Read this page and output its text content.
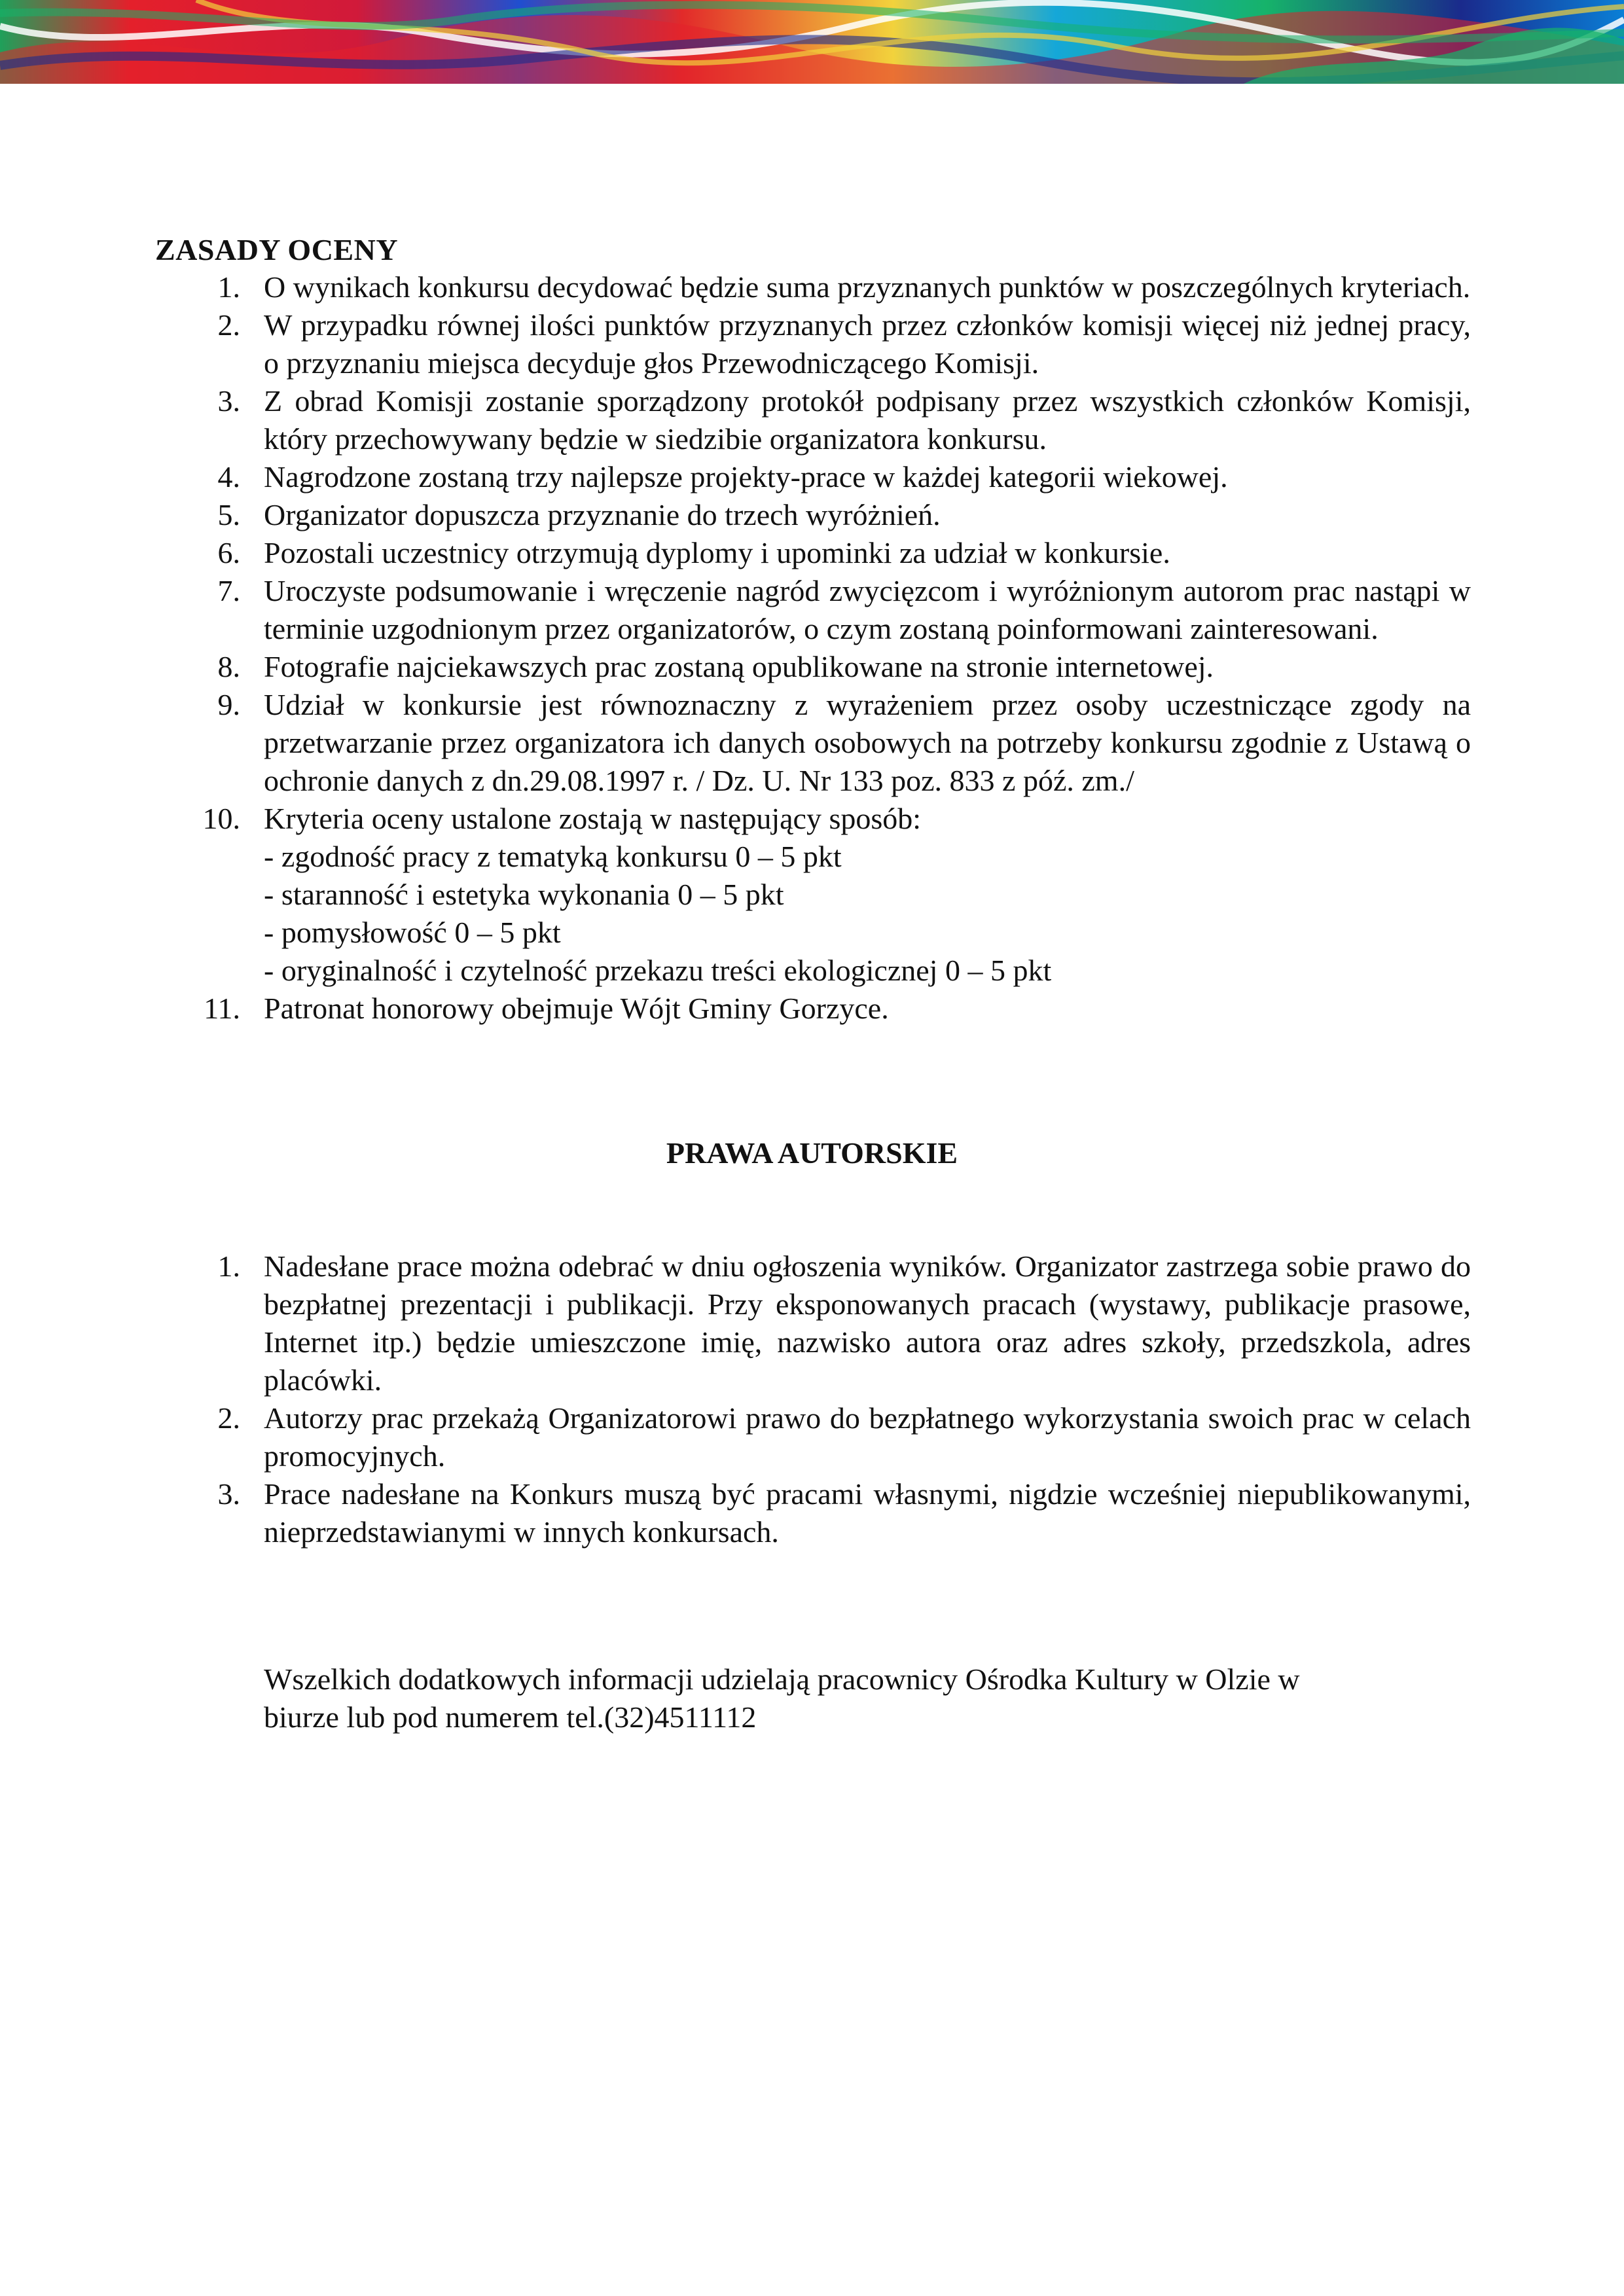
ZASADY OCENY
1. O wynikach konkursu decydować będzie suma przyznanych punktów w poszczególnych kryteriach.
2. W przypadku równej ilości punktów przyznanych przez członków komisji więcej niż jednej pracy, o przyznaniu miejsca decyduje głos Przewodniczącego Komisji.
3. Z obrad Komisji zostanie sporządzony protokół podpisany przez wszystkich członków Komisji, który przechowywany będzie w siedzibie organizatora konkursu.
4. Nagrodzone zostaną trzy najlepsze projekty-prace w każdej kategorii wiekowej.
5. Organizator dopuszcza przyznanie do trzech wyróżnień.
6. Pozostali uczestnicy otrzymują dyplomy i upominki za udział w konkursie.
7. Uroczyste podsumowanie i wręczenie nagród zwycięzcom i wyróżnionym autorom prac nastąpi w terminie uzgodnionym przez organizatorów, o czym zostaną poinformowani zainteresowani.
8. Fotografie najciekawszych prac zostaną opublikowane na stronie internetowej.
9. Udział w konkursie jest równoznaczny z wyrażeniem przez osoby uczestniczące zgody na przetwarzanie przez organizatora ich danych osobowych na potrzeby konkursu zgodnie z Ustawą o ochronie danych z dn.29.08.1997 r. / Dz. U. Nr 133 poz. 833 z póź. zm./
10. Kryteria oceny ustalone zostają w następujący sposób:
- zgodność pracy z tematyką konkursu 0 – 5 pkt
- staranność i estetyka wykonania 0 – 5 pkt
- pomysłowość 0 – 5 pkt
- oryginalność i czytelność przekazu treści ekologicznej 0 – 5 pkt
11. Patronat honorowy obejmuje Wójt Gminy Gorzyce.
PRAWA AUTORSKIE
1. Nadesłane prace można odebrać w dniu ogłoszenia wyników. Organizator zastrzega sobie prawo do bezpłatnej prezentacji i publikacji. Przy eksponowanych pracach (wystawy, publikacje prasowe, Internet itp.) będzie umieszczone imię, nazwisko autora oraz adres szkoły, przedszkola, adres placówki.
2. Autorzy prac przekażą Organizatorowi prawo do bezpłatnego wykorzystania swoich prac w celach promocyjnych.
3. Prace nadesłane na Konkurs muszą być pracami własnymi, nigdzie wcześniej niepublikowanymi, nieprzedstawianymi w innych konkursach.
Wszelkich dodatkowych informacji udzielają pracownicy Ośrodka Kultury w Olzie w
biurze lub pod numerem tel.(32)4511112
